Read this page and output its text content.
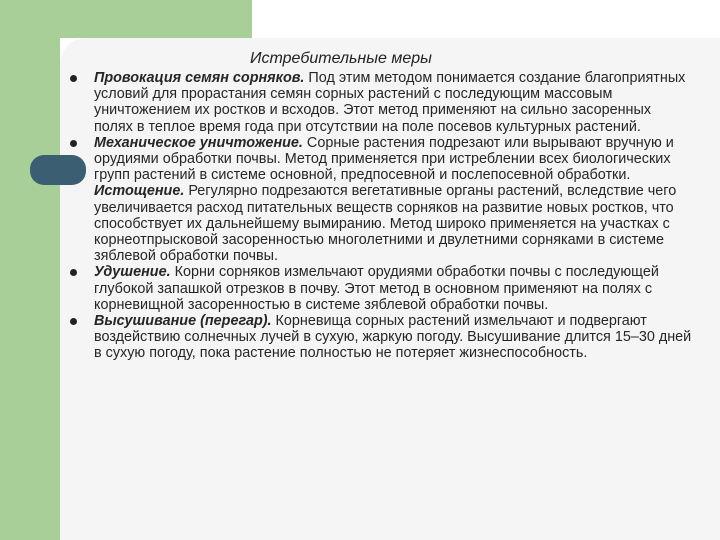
Истребительные меры
Провокация семян сорняков. Под этим методом понимается создание благоприятных условий для прорастания семян сорных растений с последующим массовым уничтожением их ростков и всходов. Этот метод применяют на сильно засоренных полях в теплое время года при отсутствии на поле посевов культурных растений.
Механическое уничтожение. Сорные растения подрезают или вырывают вручную и орудиями обработки почвы. Метод применяется при истреблении всех биологических групп растений в системе основной, предпосевной и послепосевной обработки. Истощение. Регулярно подрезаются вегетативные органы растений, вследствие чего увеличивается расход питательных веществ сорняков на развитие новых ростков, что способствует их дальнейшему вымиранию. Метод широко применяется на участках с корнеотпрысковой засоренностью многолетними и двулетними сорняками в системе зяблевой обработки почвы.
Удушение. Корни сорняков измельчают орудиями обработки почвы с последующей глубокой запашкой отрезков в почву. Этот метод в основном применяют на полях с корневищной засоренностью в системе зяблевой обработки почвы.
Высушивание (перегар). Корневища сорных растений измельчают и подвергают воздействию солнечных лучей в сухую, жаркую погоду. Высушивание длится 15–30 дней в сухую погоду, пока растение полностью не потеряет жизнеспособность.
